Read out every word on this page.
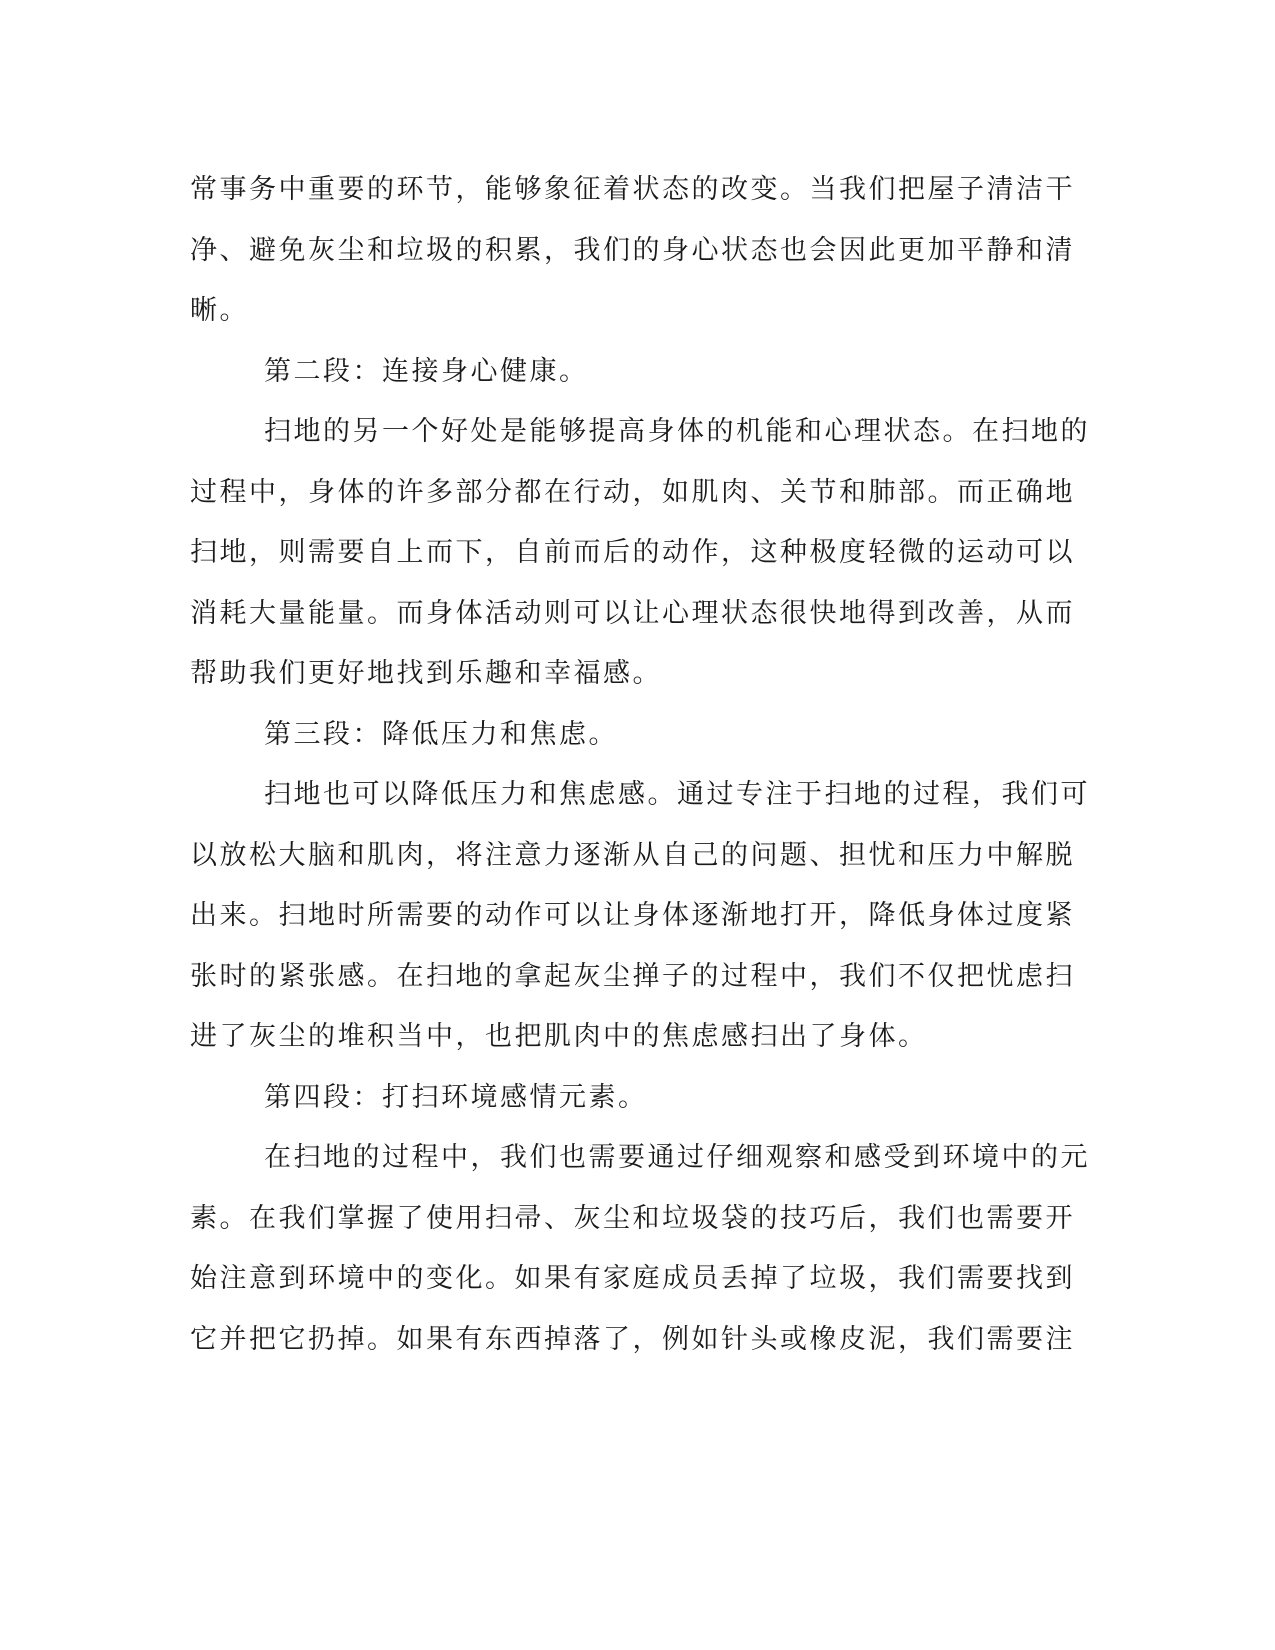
常事务中重要的环节，能够象征着状态的改变。当我们把屋子清洁干
净、避免灰尘和垃圾的积累，我们的身心状态也会因此更加平静和清
晰。
第二段：连接身心健康。
扫地的另一个好处是能够提高身体的机能和心理状态。在扫地的
过程中，身体的许多部分都在行动，如肌肉、关节和肺部。而正确地
扫地，则需要自上而下，自前而后的动作，这种极度轻微的运动可以
消耗大量能量。而身体活动则可以让心理状态很快地得到改善，从而
帮助我们更好地找到乐趣和幸福感。
第三段：降低压力和焦虑。
扫地也可以降低压力和焦虑感。通过专注于扫地的过程，我们可
以放松大脑和肌肉，将注意力逐渐从自己的问题、担忧和压力中解脱
出来。扫地时所需要的动作可以让身体逐渐地打开，降低身体过度紧
张时的紧张感。在扫地的拿起灰尘掸子的过程中，我们不仅把忧虑扫
进了灰尘的堆积当中，也把肌肉中的焦虑感扫出了身体。
第四段：打扫环境感情元素。
在扫地的过程中，我们也需要通过仔细观察和感受到环境中的元
素。在我们掌握了使用扫帚、灰尘和垃圾袋的技巧后，我们也需要开
始注意到环境中的变化。如果有家庭成员丢掉了垃圾，我们需要找到
它并把它扔掉。如果有东西掉落了，例如针头或橡皮泥，我们需要注
